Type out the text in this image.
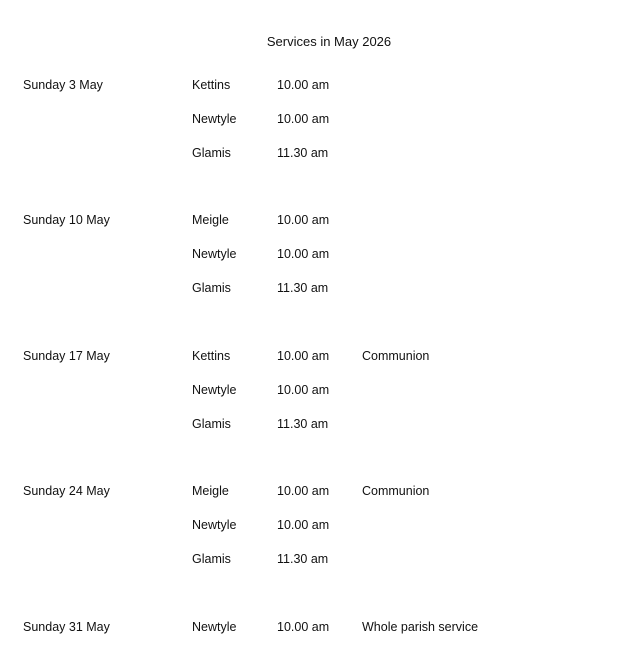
Services in May 2026
Sunday 3 May	Kettins	10.00 am
Newtyle	10.00 am
Glamis	11.30 am
Sunday 10 May	Meigle	10.00 am
Newtyle	10.00 am
Glamis	11.30 am
Sunday 17 May	Kettins	10.00 am	Communion
Newtyle	10.00 am
Glamis	11.30 am
Sunday 24 May	Meigle	10.00 am	Communion
Newtyle	10.00 am
Glamis	11.30 am
Sunday 31 May	Newtyle	10.00 am	Whole parish service
